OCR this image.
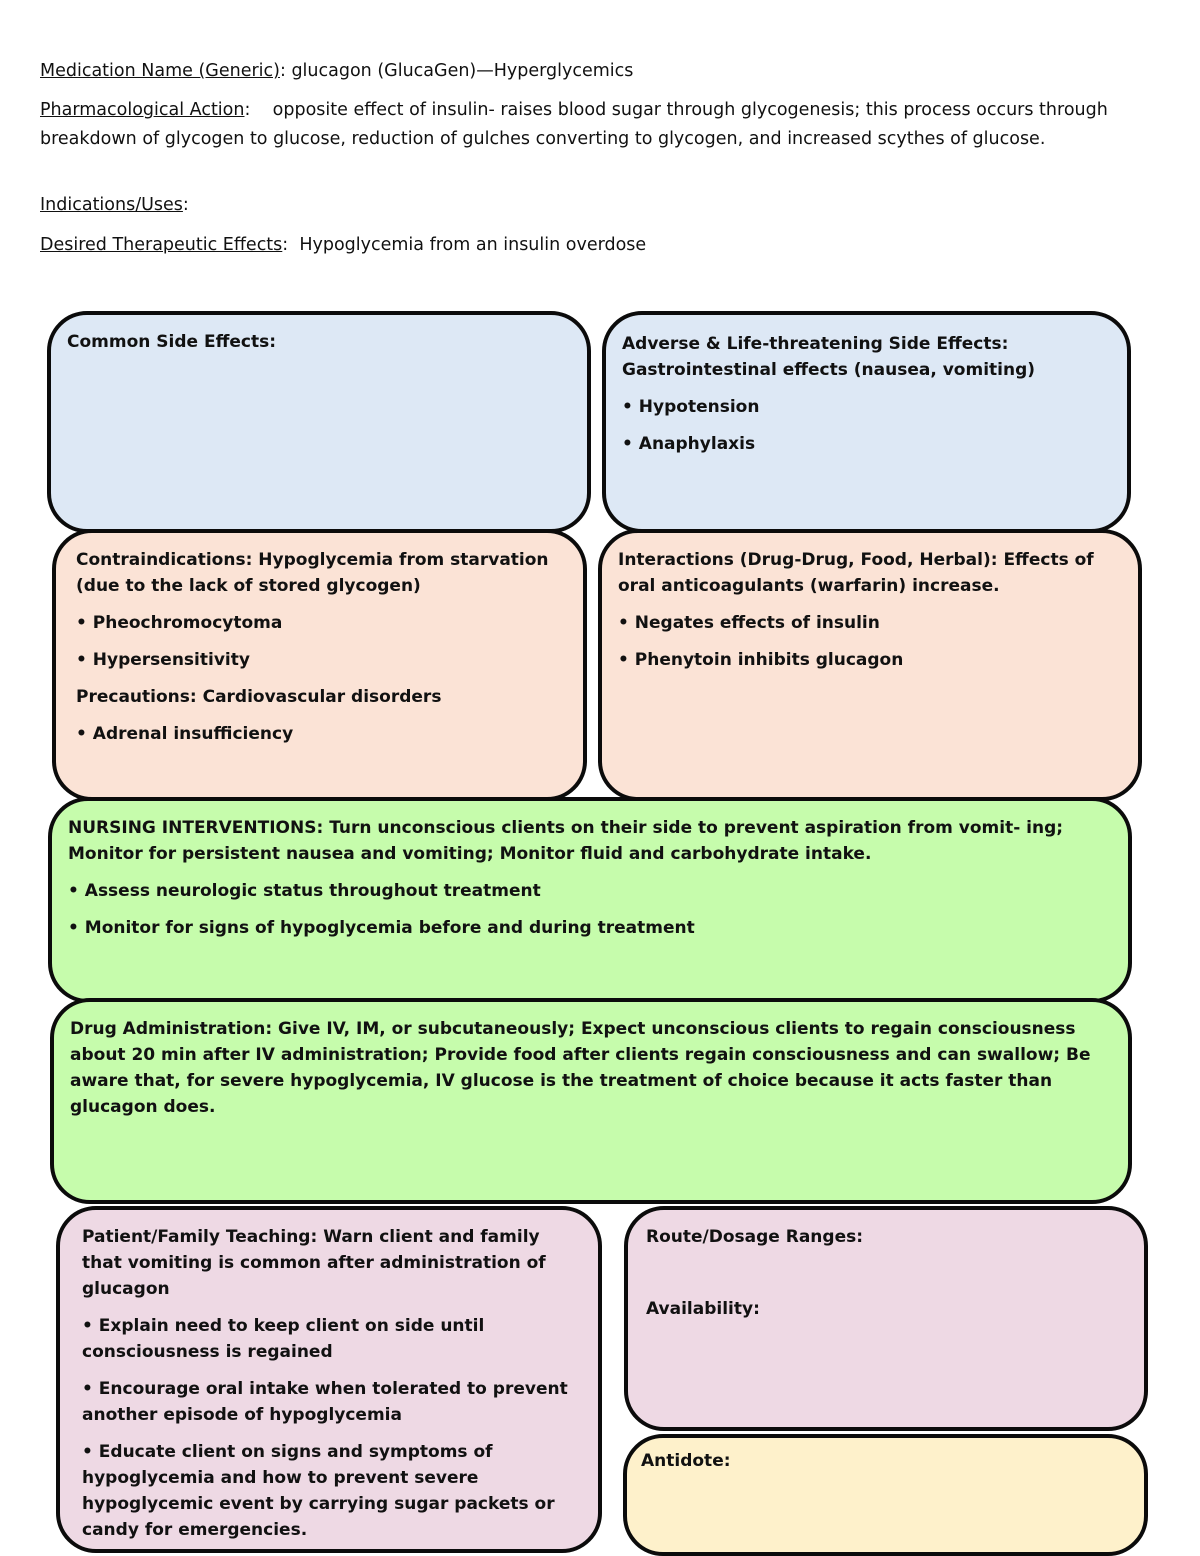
Medication Name (Generic): glucagon (GlucaGen)—Hyperglycemics
Pharmacological Action:    opposite effect of insulin- raises blood sugar through glycogenesis; this process occurs through breakdown of glycogen to glucose, reduction of gulches converting to glycogen, and increased scythes of glucose.
Indications/Uses:
Desired Therapeutic Effects:  Hypoglycemia from an insulin overdose

Common Side Effects:	Adverse & Life-threatening Side Effects:

Gastrointestinal effects (nausea, vomiting)

• Hypotension

• Anaphylaxis

Contraindications: Hypoglycemia from starvation (due to the lack of stored glycogen)

• Pheochromocytoma

• Hypersensitivity

Precautions: Cardiovascular disorders

• Adrenal insufficiency

Interactions (Drug-Drug, Food, Herbal): Effects of oral anticoagulants (warfarin) increase.

• Negates effects of insulin

• Phenytoin inhibits glucagon

NURSING INTERVENTIONS: Turn unconscious clients on their side to prevent aspiration from vomit- ing; Monitor for persistent nausea and vomiting; Monitor fluid and carbohydrate intake.

• Assess neurologic status throughout treatment

• Monitor for signs of hypoglycemia before and during treatment

Drug Administration: Give IV, IM, or subcutaneously; Expect unconscious clients to regain consciousness about 20 min after IV administration; Provide food after clients regain consciousness and can swallow; Be aware that, for severe hypoglycemia, IV glucose is the treatment of choice because it acts faster than glucagon does.

Patient/Family Teaching: Warn client and family that vomiting is common after administration of glucagon

• Explain need to keep client on side until consciousness is regained

• Encourage oral intake when tolerated to prevent another episode of hypoglycemia

• Educate client on signs and symptoms of hypoglycemia and how to prevent severe hypoglycemic event by carrying sugar packets or candy for emergencies.

Route/Dosage Ranges:

Availability:

Antidote:
